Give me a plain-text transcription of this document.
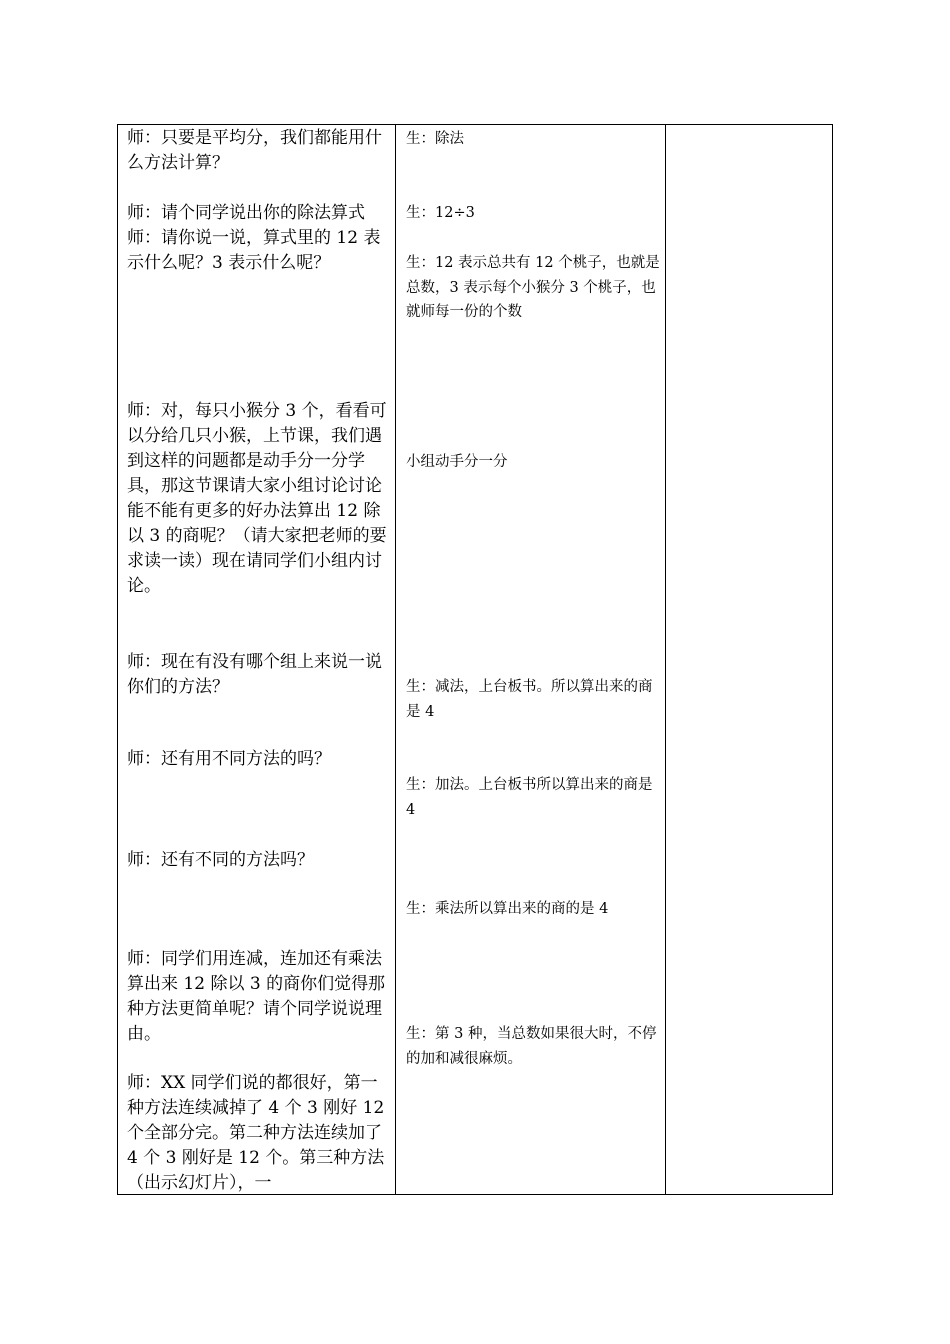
师：只要是平均分，我们都能用什么方法计算？

师：请个同学说出你的除法算式

师：请你说一说，算式里的 12 表示什么呢？3 表示什么呢？

师：对，每只小猴分 3 个，看看可以分给几只小猴，上节课，我们遇到这样的问题都是动手分一分学具，那这节课请大家小组讨论讨论能不能有更多的好办法算出 12 除以 3 的商呢？（请大家把老师的要求读一读）现在请同学们小组内讨论。

师：现在有没有哪个组上来说一说你们的方法？

师：还有用不同方法的吗？

师：还有不同的方法吗？

师：同学们用连减，连加还有乘法算出来 12 除以 3 的商你们觉得那种方法更简单呢？请个同学说说理由。

师：XX 同学们说的都很好，第一种方法连续减掉了 4 个 3 刚好 12 个全部分完。第二种方法连续加了 4 个 3 刚好是 12 个。第三种方法（出示幻灯片），一

生：除法

生：12÷3

生：12 表示总共有 12 个桃子，也就是总数，3 表示每个小猴分 3 个桃子，也就师每一份的个数

小组动手分一分

生：减法，上台板书。所以算出来的商是 4

生：加法。上台板书所以算出来的商是 4

生：乘法所以算出来的商的是 4

生：第 3 种，当总数如果很大时，不停的加和减很麻烦。
